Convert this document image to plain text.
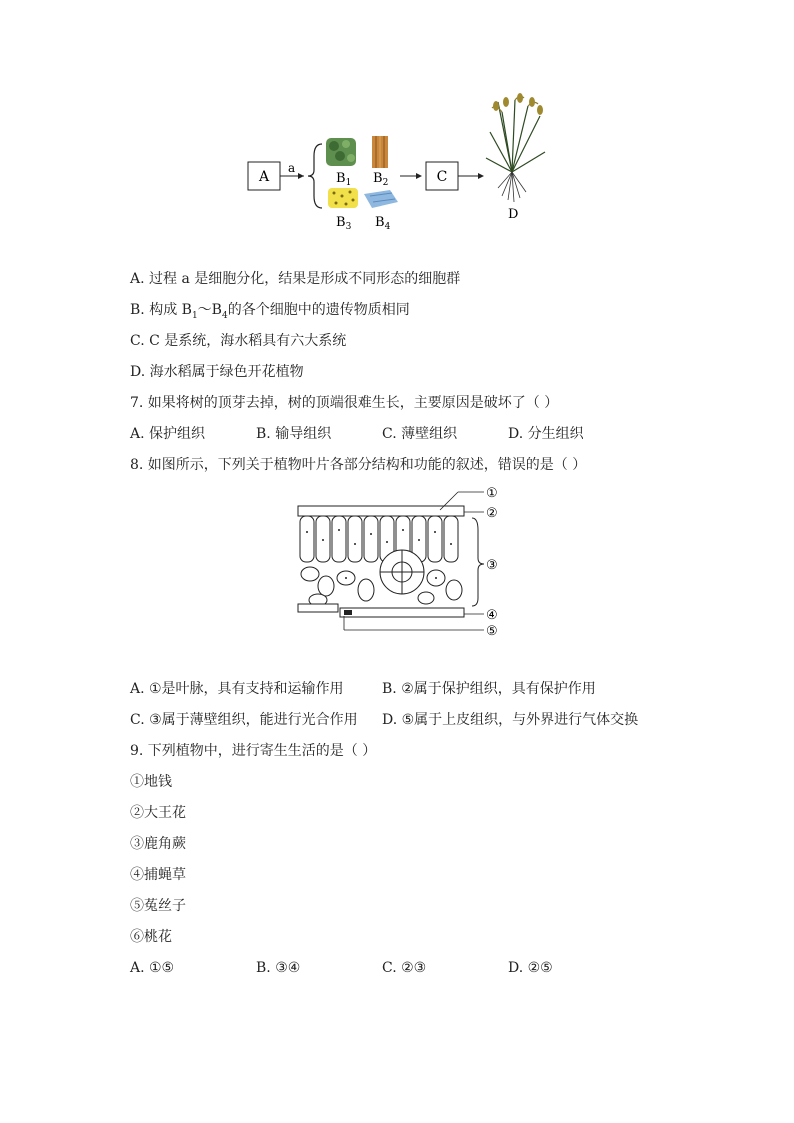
A
a
$B_1$ $B_2$
$B_3$ $B_4$
C
D
A. 过程 a 是细胞分化，结果是形成不同形态的细胞群
B. 构成 $B_1\sim B_4$的各个细胞中的遗传物质相同
C. C 是系统，海水稻具有六大系统
D. 海水稻属于绿色开花植物
7. 如果将树的顶芽去掉，树的顶端很难生长，主要原因是破坏了（ ）
A. 保护组织	B. 输导组织	C. 薄壁组织	D. 分生组织
8. 如图所示，下列关于植物叶片各部分结构和功能的叙述，错误的是（ ）
①
②
③
④
⑤
A. ①是叶脉，具有支持和运输作用	B. ②属于保护组织，具有保护作用
C. ③属于薄壁组织，能进行光合作用 D. ⑤属于上皮组织，与外界进行气体交换
9. 下列植物中，进行寄生生活的是（ ）
①地钱
②大王花
③鹿角蕨
④捕蝇草
⑤菟丝子
⑥桃花
A. ①⑤	B. ③④	C. ②③	D. ②⑤
